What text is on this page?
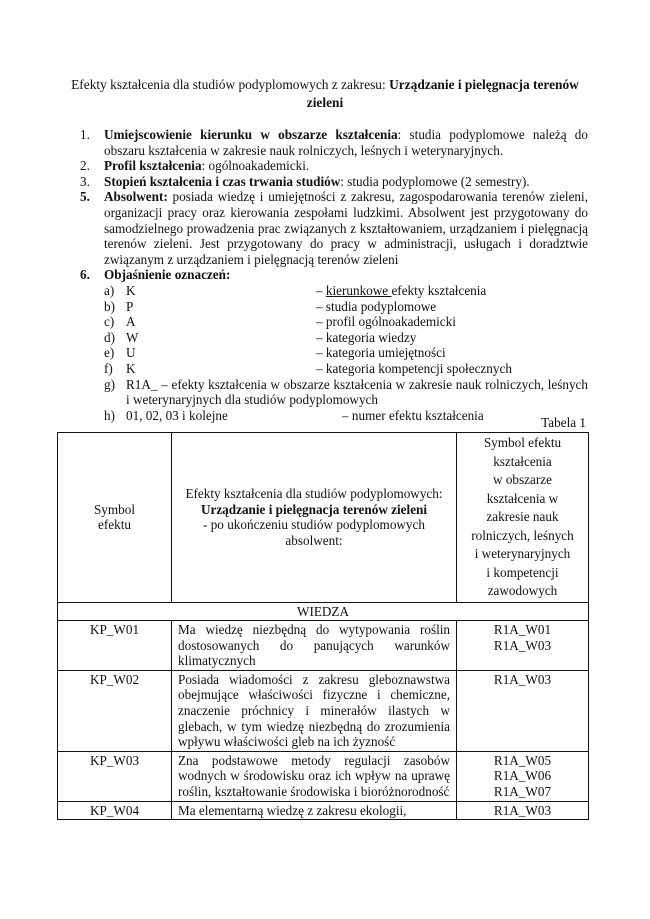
Efekty kształcenia dla studiów podyplomowych z zakresu: Urządzanie i pielęgnacja terenów zieleni
1. Umiejscowienie kierunku w obszarze kształcenia: studia podyplomowe należą do obszaru kształcenia w zakresie nauk rolniczych, leśnych i weterynaryjnych.
2. Profil kształcenia: ogólnoakademicki.
3. Stopień kształcenia i czas trwania studiów: studia podyplomowe (2 semestry).
5. Absolwent: posiada wiedzę i umiejętności z zakresu, zagospodarowania terenów zieleni, organizacji pracy oraz kierowania zespołami ludzkimi. Absolwent jest przygotowany do samodzielnego prowadzenia prac związanych z kształtowaniem, urządzaniem i pielęgnacją terenów zieleni. Jest przygotowany do pracy w administracji, usługach i doradztwie związanym z urządzaniem i pielęgnacją terenów zieleni
6. Objaśnienie oznaczeń:
a) K	– kierunkowe efekty kształcenia
b) P	– studia podyplomowe
c) A	– profil ogólnoakademicki
d) W	– kategoria wiedzy
e) U	– kategoria umiejętności
f) K	– kategoria kompetencji społecznych
g) R1A_ – efekty kształcenia w obszarze kształcenia w zakresie nauk rolniczych, leśnych i weterynaryjnych dla studiów podyplomowych
h) 01, 02, 03 i kolejne	– numer efektu kształcenia	Tabela 1
Symbol
efektu

Efekty kształcenia dla studiów podyplomowych:
Urządzanie i pielęgnacja terenów zieleni
- po ukończeniu studiów podyplomowych
absolwent:

Symbol efektu
kształcenia
w obszarze
kształcenia w
zakresie nauk
rolniczych, leśnych
i weterynaryjnych
i kompetencji
zawodowych

WIEDZA		
KP_W01	Ma wiedzę niezbędną do wytypowania roślin dostosowanych do panujących warunków klimatycznych	R1A_W01
R1A_W03

KP_W02	Posiada wiadomości z zakresu gleboznawstwa obejmujące właściwości fizyczne i chemiczne, znaczenie próchnicy i minerałów ilastych w glebach, w tym wiedzę niezbędną do zrozumienia wpływu właściwości gleb na ich żyzność	R1A_W03

KP_W03	Zna podstawowe metody regulacji zasobów wodnych w środowisku oraz ich wpływ na uprawę roślin, kształtowanie środowiska i bioróżnorodność	R1A_W05
R1A_W06
R1A_W07

KP_W04	Ma elementarną wiedzę z zakresu ekologii,	R1A_W03
